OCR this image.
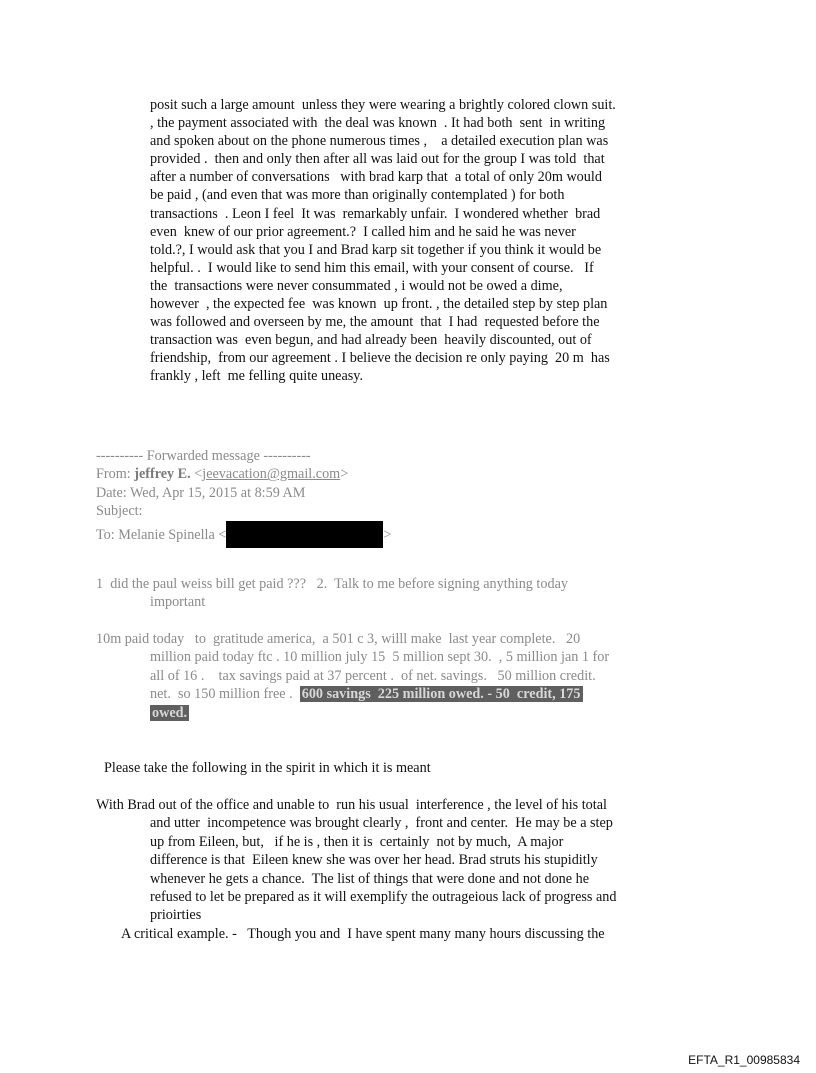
posit such a large amount  unless they were wearing a brightly colored clown suit.
, the payment associated with  the deal was known  . It had both  sent  in writing
and spoken about on the phone numerous times ,    a detailed execution plan was
provided .  then and only then after all was laid out for the group I was told  that
after a number of conversations   with brad karp that  a total of only 20m would
be paid , (and even that was more than originally contemplated ) for both
transactions  . Leon I feel  It was  remarkably unfair.  I wondered whether  brad
even  knew of our prior agreement.?  I called him and he said he was never
told.?, I would ask that you I and Brad karp sit together if you think it would be
helpful. .  I would like to send him this email, with your consent of course.   If
the  transactions were never consummated , i would not be owed a dime,
however  , the expected fee  was known  up front. , the detailed step by step plan
was followed and overseen by me, the amount  that  I had  requested before the
transaction was  even begun, and had already been  heavily discounted, out of
friendship,  from our agreement . I believe the decision re only paying  20 m  has
frankly , left  me felling quite uneasy.
---------- Forwarded message ----------
From: jeffrey E. <jeevacation@gmail.com>
Date: Wed, Apr 15, 2015 at 8:59 AM
Subject:
To: Melanie Spinella <	>
1  did the paul weiss bill get paid ???   2.  Talk to me before signing anything today
important
10m paid today   to  gratitude america,  a 501 c 3, willl make  last year complete.   20
million paid today ftc . 10 million july 15  5 million sept 30.  , 5 million jan 1 for
all of 16 .    tax savings paid at 37 percent .  of net. savings.   50 million credit.
net.  so 150 million free .  600 savings  225 million owed. - 50  credit, 175
owed.
Please take the following in the spirit in which it is meant
With Brad out of the office and unable to  run his usual  interference , the level of his total
and utter  incompetence was brought clearly ,  front and center.  He may be a step
up from Eileen, but,   if he is , then it is  certainly  not by much,  A major
difference is that  Eileen knew she was over her head. Brad struts his stupiditly
whenever he gets a chance.  The list of things that were done and not done he
refused to let be prepared as it will exemplify the outrageious lack of progress and
prioirties
A critical example. -   Though you and  I have spent many many hours discussing the
EFTA_R1_00985834
